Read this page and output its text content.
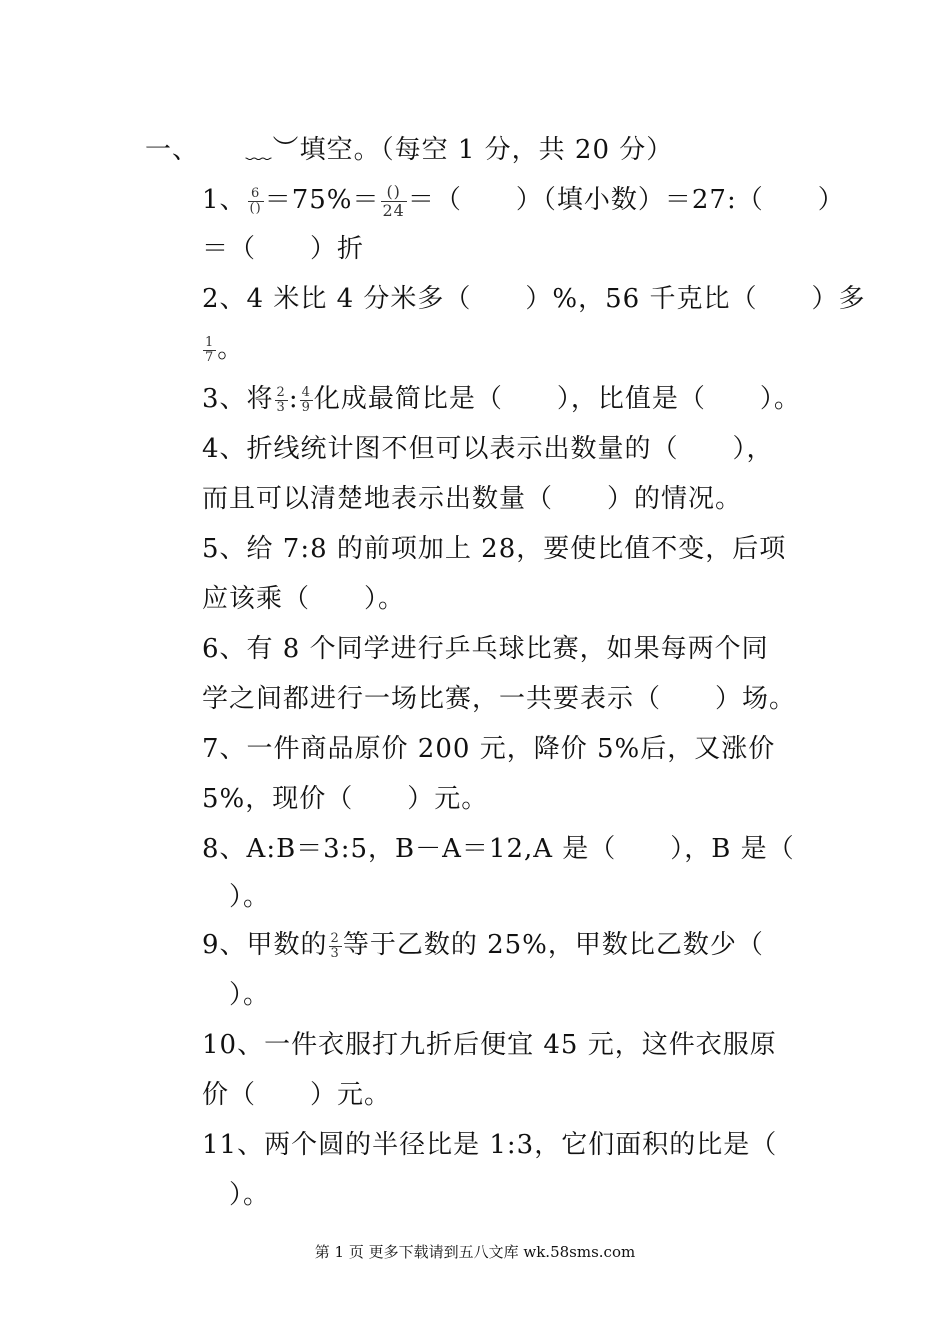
一、 ﹏︶填空。（每空 1 分，共 20 分）
1、 $\frac{6}{()} =75\%= \frac{()}{24}$ ＝（　　）（填小数）＝27:（　　）
＝（　　）折
2、4 米比 4 分米多（　　）%，56 千克比（　　）多
$\frac{1}{7}$ 。
3、将 $\frac{2}{3}$ : $\frac{4}{9}$ 化成最简比是（　　），比值是（　　）。
4、折线统计图不但可以表示出数量的（　　），
而且可以清楚地表示出数量（　　）的情况。
5、给 7:8 的前项加上 28，要使比值不变，后项
应该乘（　　）。
6、有 8 个同学进行乒乓球比赛，如果每两个同
学之间都进行一场比赛，一共要表示（　　）场。
7、一件商品原价 200 元，降价 5%后，又涨价
5%，现价（　　）元。
8、A:B＝3:5，B－A＝12,A 是（　　），B 是（
　）。
9、甲数的 $\frac{2}{3}$ 等于乙数的 25%，甲数比乙数少（
　）。
10、一件衣服打九折后便宜 45 元，这件衣服原
价（　　）元。
11、两个圆的半径比是 1:3，它们面积的比是（
　）。
第 1 页 更多下载请到五八文库 wk.58sms.com
